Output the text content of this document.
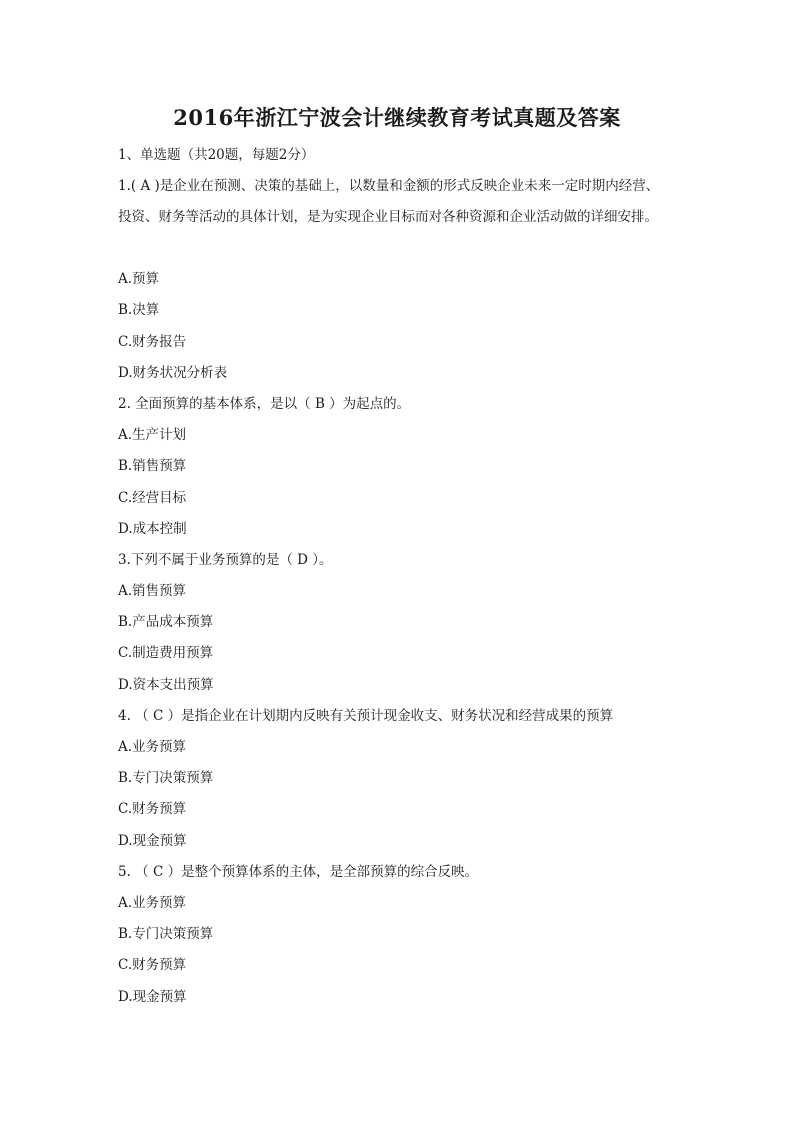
2016年浙江宁波会计继续教育考试真题及答案
1、单选题（共20题，每题2分）
1.( A )是企业在预测、决策的基础上，以数量和金额的形式反映企业未来一定时期内经营、
投资、财务等活动的具体计划，是为实现企业目标而对各种资源和企业活动做的详细安排。
A.预算
B.决算
C.财务报告
D.财务状况分析表
2. 全面预算的基本体系，是以（ B ）为起点的。
A.生产计划
B.销售预算
C.经营目标
D.成本控制
3.下列不属于业务预算的是（ D ）。
A.销售预算
B.产品成本预算
C.制造费用预算
D.资本支出预算
4. （ C ）是指企业在计划期内反映有关预计现金收支、财务状况和经营成果的预算
A.业务预算
B.专门决策预算
C.财务预算
D.现金预算
5. （ C ）是整个预算体系的主体，是全部预算的综合反映。
A.业务预算
B.专门决策预算
C.财务预算
D.现金预算
